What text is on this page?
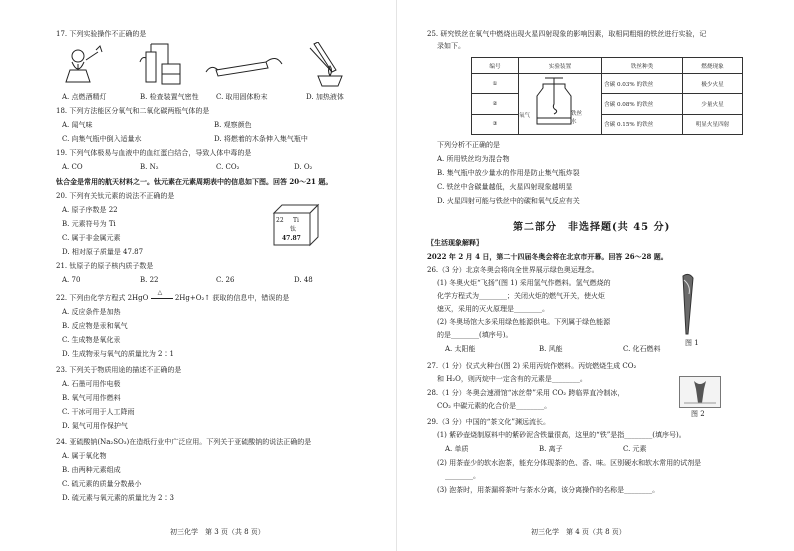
17. 下列实验操作不正确的是
A. 点燃酒精灯	B. 检查装置气密性 C. 取用固体粉末	D. 加热液体
18. 下列方法能区分氧气和二氧化碳两瓶气体的是
A. 闻气味	B. 观察颜色
C. 向集气瓶中倒入适量水	D. 将燃着的木条伸入集气瓶中
19. 下列气体极易与血液中的血红蛋白结合，导致人体中毒的是
A. CO	B. N₂	C. CO₂	D. O₂
钛合金是常用的航天材料之一。钛元素在元素周期表中的信息如下图。回答 20～21 题。
20. 下列有关钛元素的说法不正确的是
A. 原子序数是 22
B. 元素符号为 Ti
C. 属于非金属元素
D. 相对原子质量是 47.87
22 Ti
钛
47.87
21. 钛原子的原子核内质子数是
A. 70	B. 22	C. 26	D. 48
22. 下列由化学方程式 2HgO
△
2Hg+O₂↑ 获取的信息中，错误的是
A. 反应条件是加热
B. 反应物是汞和氧气
C. 生成物是氧化汞
D. 生成物汞与氧气的质量比为 2∶1
23. 下列关于物质用途的描述不正确的是
A. 石墨可用作电极
B. 氧气可用作燃料
C. 干冰可用于人工降雨
D. 氮气可用作保护气
24. 亚硫酸钠(Na₂SO₃)在造纸行业中广泛应用。下列关于亚硫酸钠的说法正确的是
A. 属于氧化物
B. 由两种元素组成
C. 硫元素的质量分数最小
D. 硫元素与氧元素的质量比为 2∶3
初三化学　第 3 页（共 8 页）
25. 研究铁丝在氧气中燃烧出现火星四射现象的影响因素，取相同粗细的铁丝进行实验，记
录如下。
编号	实验装置	铁丝种类	燃烧现象
①		含碳 0.03% 的铁丝	极少火星
②		含碳 0.08% 的铁丝	少量火星
③		含碳 0.15% 的铁丝	明显火星四射
氧气	铁丝
水
下列分析不正确的是
A. 所用铁丝均为混合物
B. 集气瓶中放少量水的作用是防止集气瓶炸裂
C. 铁丝中含碳量越低，火星四射现象越明显
D. 火星四射可能与铁丝中的碳和氧气反应有关
第二部分　非选择题(共 45 分)
〖生活现象解释〗
2022 年 2 月 4 日，第二十四届冬奥会将在北京市开幕。回答 26～28 题。
26.（3 分）北京冬奥会将向全世界展示绿色奥运理念。
(1) 冬奥火炬“飞扬”(图 1) 采用氢气作燃料。氢气燃烧的
化学方程式为________；关闭火炬的燃气开关，使火炬
熄灭，采用的灭火原理是________。
(2) 冬奥场馆大多采用绿色能源供电。下列属于绿色能源
的是________(填序号)。
A. 太阳能	B. 风能	C. 化石燃料
图 1
27.（1 分）仪式火种台(图 2) 采用丙烷作燃料。丙烷燃烧生成 CO₂
和 H₂O，则丙烷中一定含有的元素是________。
图 2
28.（1 分）冬奥会速滑馆“冰丝带”采用 CO₂ 跨临界直冷制冰，
CO₂ 中碳元素的化合价是________。
29.（3 分）中国的“茶文化”渊远流长。
(1) 紫砂壶烧制原料中的紫砂泥含铁量很高，这里的“铁”是指________(填序号)。
A. 单质	B. 离子	C. 元素
(2) 用茶壶少的软水泡茶，能充分体现茶的色、香、味。区别硬水和软水常用的试剂是
________。
(3) 泡茶时，用茶漏将茶叶与茶水分离，该分离操作的名称是________。
初三化学　第 4 页（共 8 页）
